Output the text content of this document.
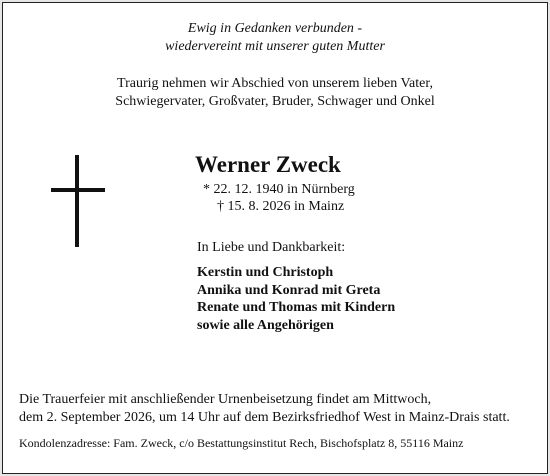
Ewig in Gedanken verbunden -
wiedervereint mit unserer guten Mutter
Traurig nehmen wir Abschied von unserem lieben Vater,
Schwiegervater, Großvater, Bruder, Schwager und Onkel
Werner Zweck
* 22. 12. 1940 in Nürnberg
† 15. 8. 2026 in Mainz
In Liebe und Dankbarkeit:
Kerstin und Christoph
Annika und Konrad mit Greta
Renate und Thomas mit Kindern
sowie alle Angehörigen
Die Trauerfeier mit anschließender Urnenbeisetzung findet am Mittwoch,
dem 2. September 2026, um 14 Uhr auf dem Bezirksfriedhof West in Mainz-Drais statt.
Kondolenzadresse: Fam. Zweck, c/o Bestattungsinstitut Rech, Bischofsplatz 8, 55116 Mainz
